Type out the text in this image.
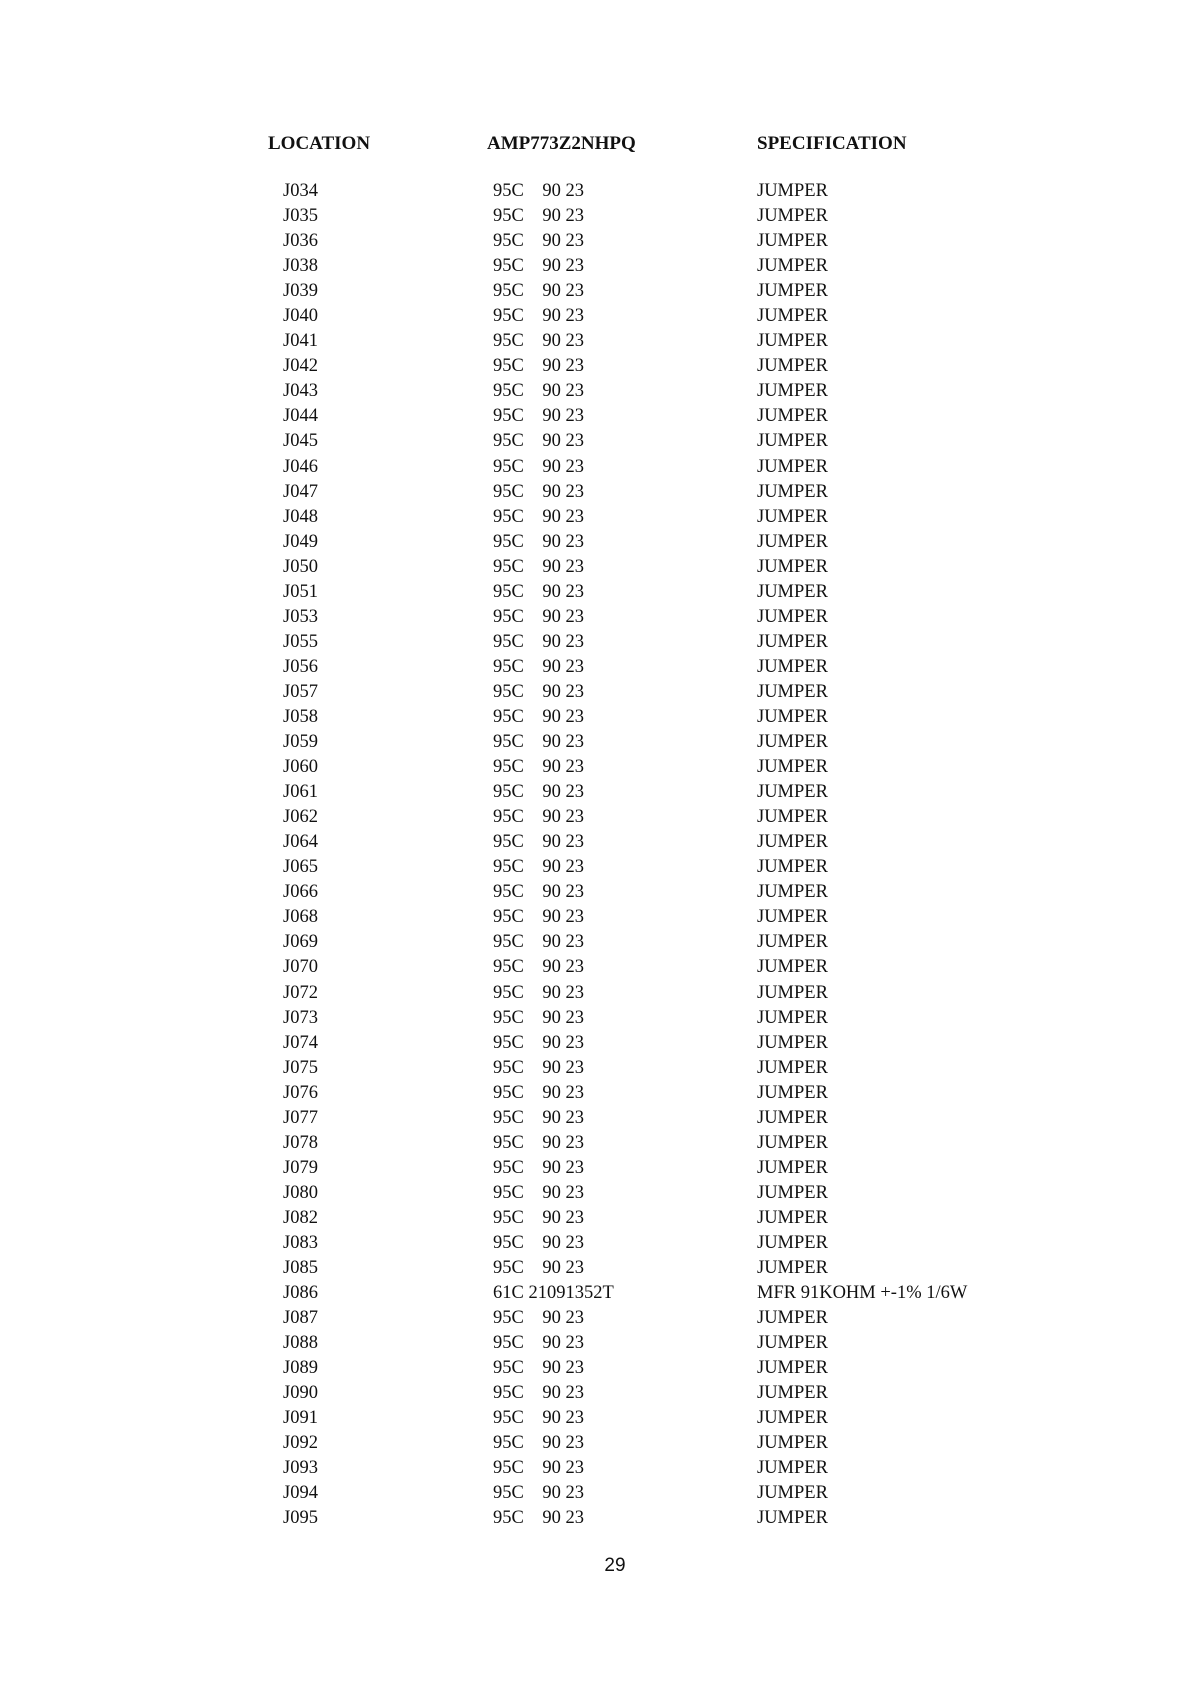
LOCATION	AMP773Z2NHPQ	SPECIFICATION
J034	95C    90 23	JUMPER
J035	95C    90 23	JUMPER
J036	95C    90 23	JUMPER
J038	95C    90 23	JUMPER
J039	95C    90 23	JUMPER
J040	95C    90 23	JUMPER
J041	95C    90 23	JUMPER
J042	95C    90 23	JUMPER
J043	95C    90 23	JUMPER
J044	95C    90 23	JUMPER
J045	95C    90 23	JUMPER
J046	95C    90 23	JUMPER
J047	95C    90 23	JUMPER
J048	95C    90 23	JUMPER
J049	95C    90 23	JUMPER
J050	95C    90 23	JUMPER
J051	95C    90 23	JUMPER
J053	95C    90 23	JUMPER
J055	95C    90 23	JUMPER
J056	95C    90 23	JUMPER
J057	95C    90 23	JUMPER
J058	95C    90 23	JUMPER
J059	95C    90 23	JUMPER
J060	95C    90 23	JUMPER
J061	95C    90 23	JUMPER
J062	95C    90 23	JUMPER
J064	95C    90 23	JUMPER
J065	95C    90 23	JUMPER
J066	95C    90 23	JUMPER
J068	95C    90 23	JUMPER
J069	95C    90 23	JUMPER
J070	95C    90 23	JUMPER
J072	95C    90 23	JUMPER
J073	95C    90 23	JUMPER
J074	95C    90 23	JUMPER
J075	95C    90 23	JUMPER
J076	95C    90 23	JUMPER
J077	95C    90 23	JUMPER
J078	95C    90 23	JUMPER
J079	95C    90 23	JUMPER
J080	95C    90 23	JUMPER
J082	95C    90 23	JUMPER
J083	95C    90 23	JUMPER
J085	95C    90 23	JUMPER
J086	61C 21091352T	MFR 91KOHM +-1% 1/6W
J087	95C    90 23	JUMPER
J088	95C    90 23	JUMPER
J089	95C    90 23	JUMPER
J090	95C    90 23	JUMPER
J091	95C    90 23	JUMPER
J092	95C    90 23	JUMPER
J093	95C    90 23	JUMPER
J094	95C    90 23	JUMPER
J095	95C    90 23	JUMPER
29
